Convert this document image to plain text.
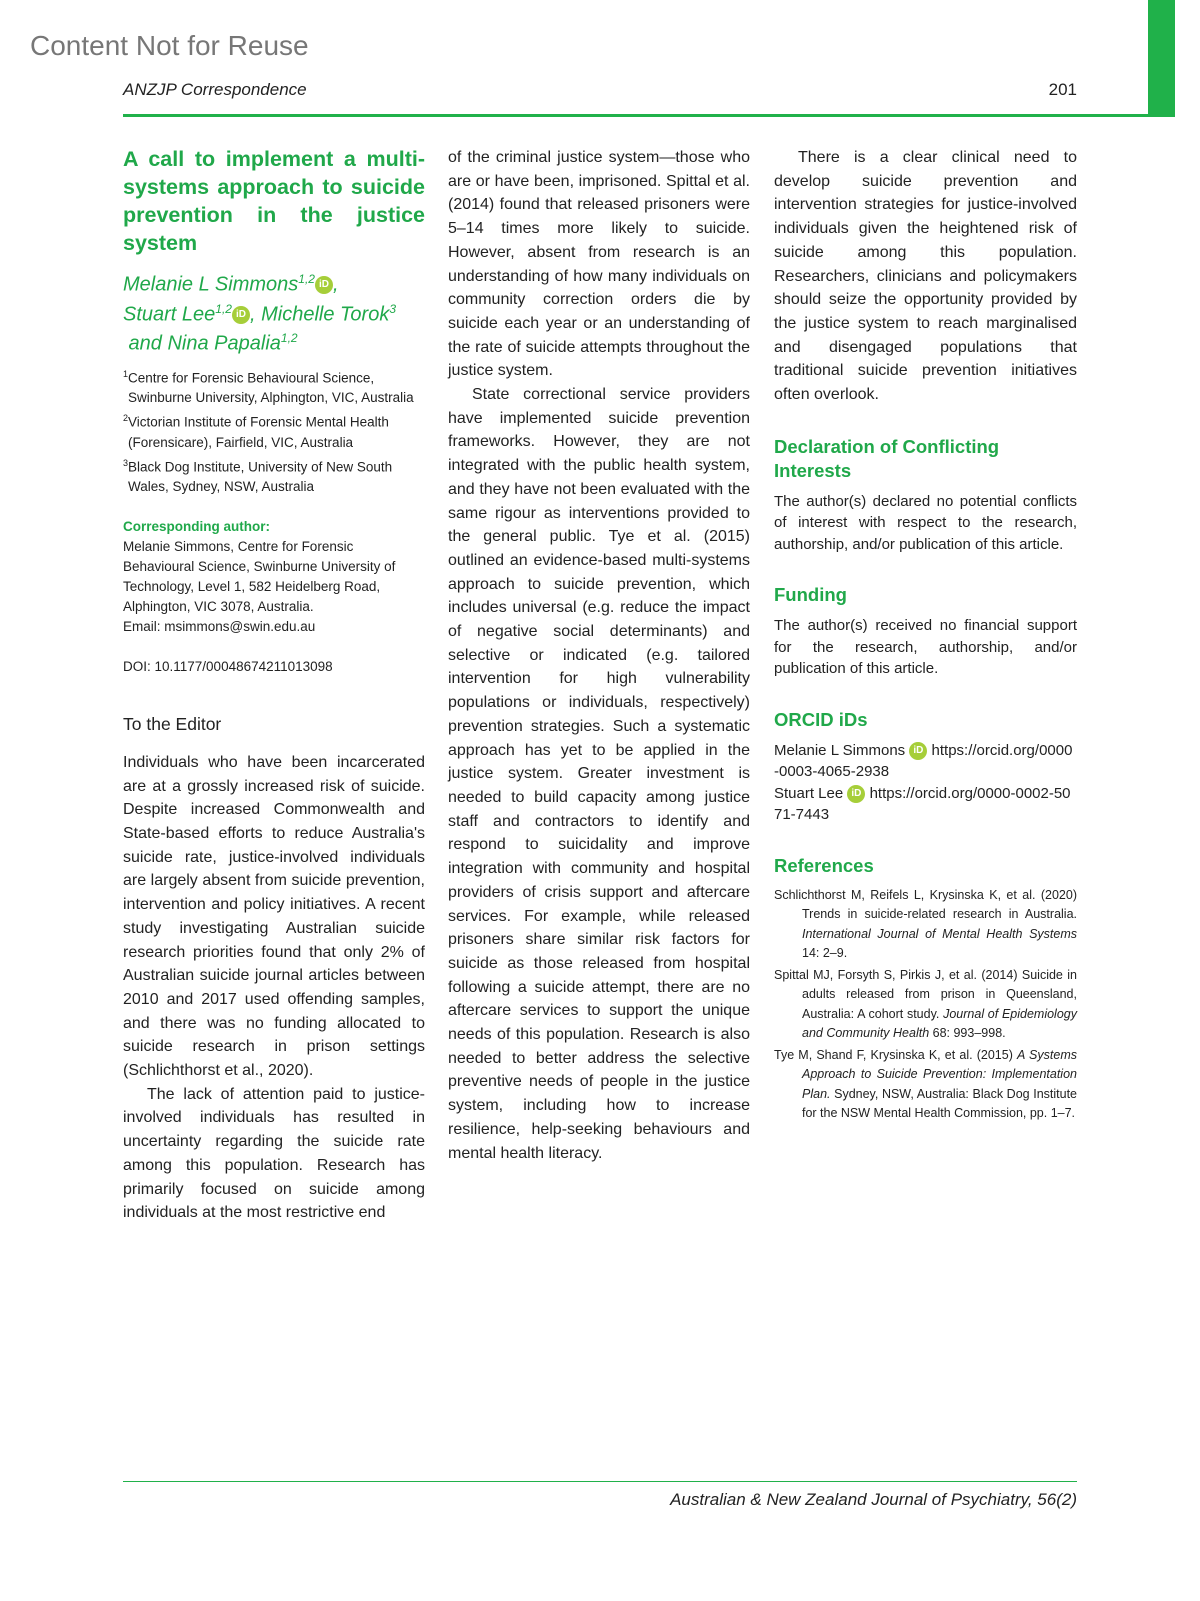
Content Not for Reuse
ANZJP Correspondence	201
A call to implement a multi-systems approach to suicide prevention in the justice system
Melanie L Simmons$^{1,2}$ iD ,
Stuart Lee$^{1,2}$ iD , Michelle Torok$^3$
and Nina Papalia$^{1,2}$
$^1$Centre for Forensic Behavioural Science, Swinburne University, Alphington, VIC, Australia
$^2$Victorian Institute of Forensic Mental Health (Forensicare), Fairfield, VIC, Australia
$^3$Black Dog Institute, University of New South Wales, Sydney, NSW, Australia
Corresponding author:
Melanie Simmons, Centre for Forensic Behavioural Science, Swinburne University of Technology, Level 1, 582 Heidelberg Road, Alphington, VIC 3078, Australia.
Email: msimmons@swin.edu.au
DOI: 10.1177/00048674211013098
To the Editor

Individuals who have been incarcerated are at a grossly increased risk of suicide. Despite increased Commonwealth and State-based efforts to reduce Australia's suicide rate, justice-involved individuals are largely absent from suicide prevention, intervention and policy initiatives. A recent study investigating Australian suicide research priorities found that only 2% of Australian suicide journal articles between 2010 and 2017 used offending samples, and there was no funding allocated to suicide research in prison settings (Schlichthorst et al., 2020).

The lack of attention paid to justice-involved individuals has resulted in uncertainty regarding the suicide rate among this population. Research has primarily focused on suicide among individuals at the most restrictive end

of the criminal justice system—those who are or have been, imprisoned. Spittal et al. (2014) found that released prisoners were 5–14 times more likely to suicide. However, absent from research is an understanding of how many individuals on community correction orders die by suicide each year or an understanding of the rate of suicide attempts throughout the justice system.

State correctional service providers have implemented suicide prevention frameworks. However, they are not integrated with the public health system, and they have not been evaluated with the same rigour as interventions provided to the general public. Tye et al. (2015) outlined an evidence-based multi-systems approach to suicide prevention, which includes universal (e.g. reduce the impact of negative social determinants) and selective or indicated (e.g. tailored intervention for high vulnerability populations or individuals, respectively) prevention strategies. Such a systematic approach has yet to be applied in the justice system. Greater investment is needed to build capacity among justice staff and contractors to identify and respond to suicidality and improve integration with community and hospital providers of crisis support and aftercare services. For example, while released prisoners share similar risk factors for suicide as those released from hospital following a suicide attempt, there are no aftercare services to support the unique needs of this population. Research is also needed to better address the selective preventive needs of people in the justice system, including how to increase resilience, help-seeking behaviours and mental health literacy.

There is a clear clinical need to develop suicide prevention and intervention strategies for justice-involved individuals given the heightened risk of suicide among this population. Researchers, clinicians and policymakers should seize the opportunity provided by the justice system to reach marginalised and disengaged populations that traditional suicide prevention initiatives often overlook.

Declaration of Conflicting Interests

The author(s) declared no potential conflicts of interest with respect to the research, authorship, and/or publication of this article.

Funding

The author(s) received no financial support for the research, authorship, and/or publication of this article.

ORCID iDs
Melanie L Simmons iD https://orcid.org/0000-0003-4065-2938
Stuart Lee iD https://orcid.org/0000-0002-5071-7443
References
Schlichthorst M, Reifels L, Krysinska K, et al. (2020) Trends in suicide-related research in Australia. International Journal of Mental Health Systems 14: 2–9.
Spittal MJ, Forsyth S, Pirkis J, et al. (2014) Suicide in adults released from prison in Queensland, Australia: A cohort study. Journal of Epidemiology and Community Health 68: 993–998.
Tye M, Shand F, Krysinska K, et al. (2015) A Systems Approach to Suicide Prevention: Implementation Plan. Sydney, NSW, Australia: Black Dog Institute for the NSW Mental Health Commission, pp. 1–7.
Australian & New Zealand Journal of Psychiatry, 56(2)
